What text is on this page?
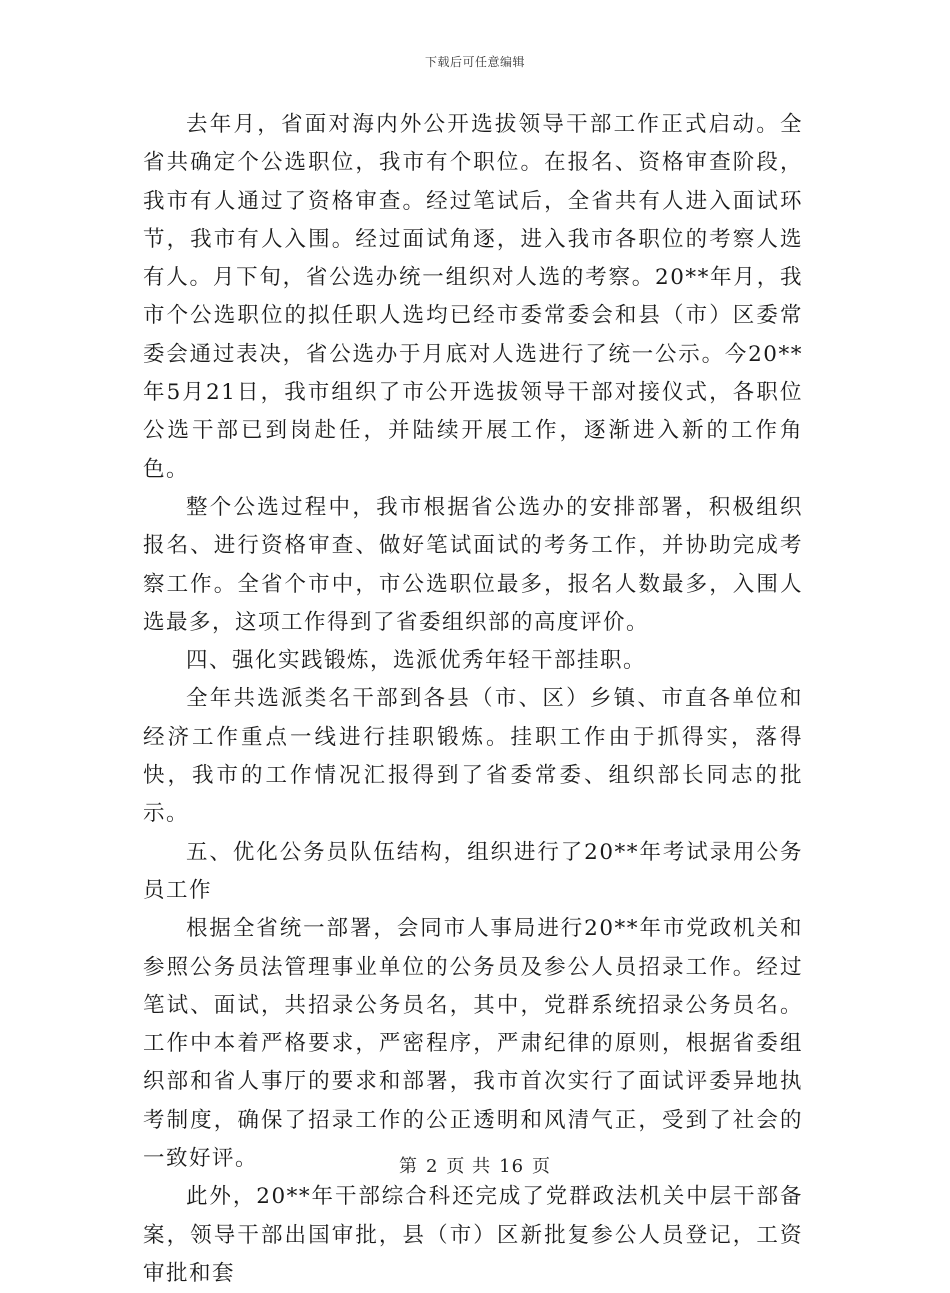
下载后可任意编辑

去年月，省面对海内外公开选拔领导干部工作正式启动。全省共确定个公选职位，我市有个职位。在报名、资格审查阶段，我市有人通过了资格审查。经过笔试后，全省共有人进入面试环节，我市有人入围。经过面试角逐，进入我市各职位的考察人选有人。月下旬，省公选办统一组织对人选的考察。20**年月，我市个公选职位的拟任职人选均已经市委常委会和县（市）区委常委会通过表决，省公选办于月底对人选进行了统一公示。今20**年5月21日，我市组织了市公开选拔领导干部对接仪式，各职位公选干部已到岗赴任，并陆续开展工作，逐渐进入新的工作角色。

整个公选过程中，我市根据省公选办的安排部署，积极组织报名、进行资格审查、做好笔试面试的考务工作，并协助完成考察工作。全省个市中，市公选职位最多，报名人数最多，入围人选最多，这项工作得到了省委组织部的高度评价。

四、强化实践锻炼，选派优秀年轻干部挂职。

全年共选派类名干部到各县（市、区）乡镇、市直各单位和经济工作重点一线进行挂职锻炼。挂职工作由于抓得实，落得快，我市的工作情况汇报得到了省委常委、组织部长同志的批示。

五、优化公务员队伍结构，组织进行了20**年考试录用公务员工作

根据全省统一部署，会同市人事局进行20**年市党政机关和参照公务员法管理事业单位的公务员及参公人员招录工作。经过笔试、面试，共招录公务员名，其中，党群系统招录公务员名。工作中本着严格要求，严密程序，严肃纪律的原则，根据省委组织部和省人事厅的要求和部署，我市首次实行了面试评委异地执考制度，确保了招录工作的公正透明和风清气正，受到了社会的一致好评。

此外，20**年干部综合科还完成了党群政法机关中层干部备案，领导干部出国审批，县（市）区新批复参公人员登记，工资审批和套

第 2 页 共 16 页
